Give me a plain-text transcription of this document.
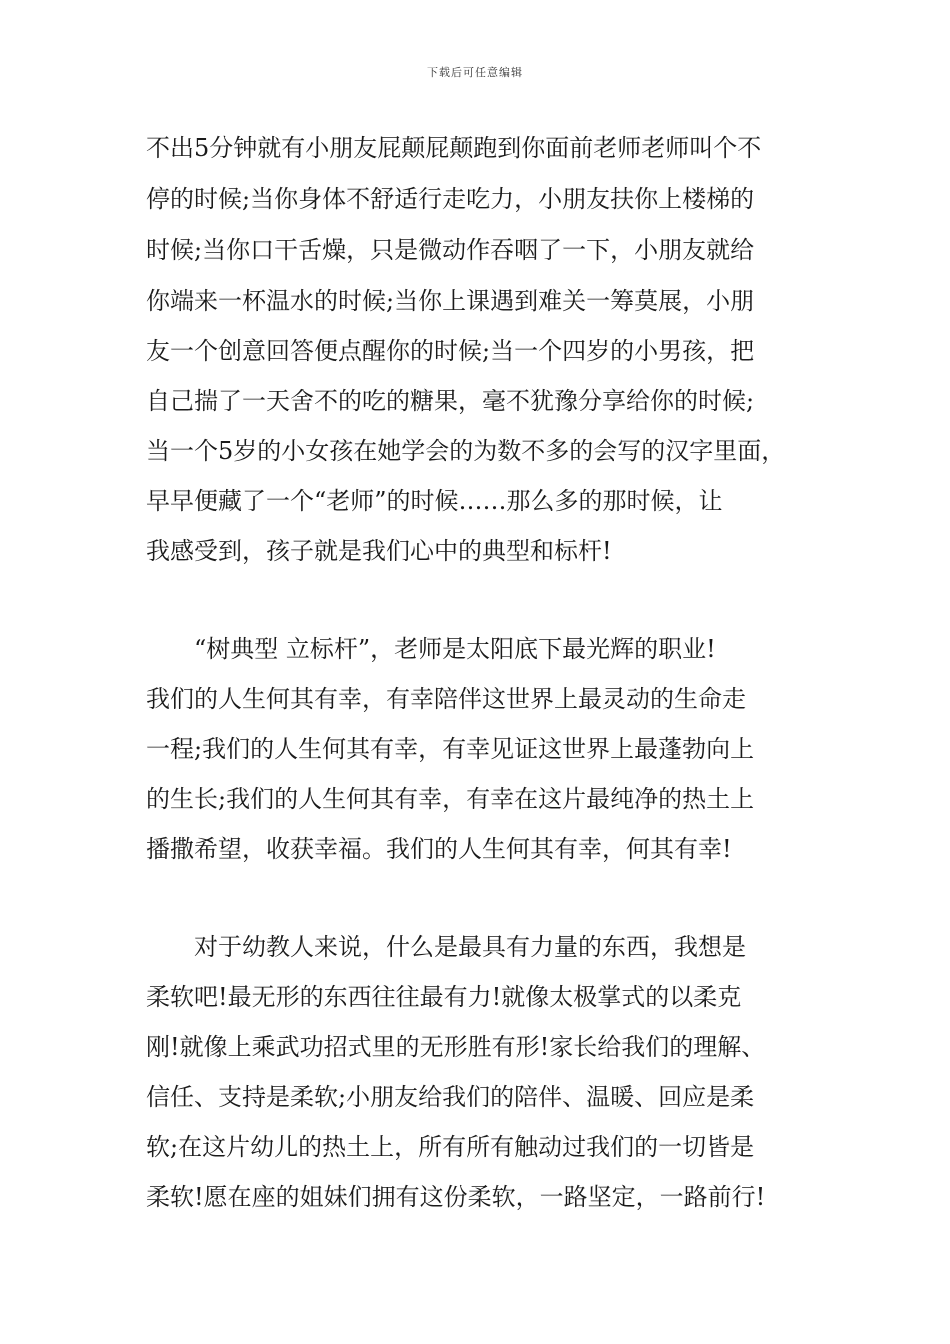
下载后可任意编辑
不出5分钟就有小朋友屁颠屁颠跑到你面前老师老师叫个不
停的时候;当你身体不舒适行走吃力，小朋友扶你上楼梯的
时候;当你口干舌燥，只是微动作吞咽了一下，小朋友就给
你端来一杯温水的时候;当你上课遇到难关一筹莫展，小朋
友一个创意回答便点醒你的时候;当一个四岁的小男孩，把
自己揣了一天舍不的吃的糖果，毫不犹豫分享给你的时候;
当一个5岁的小女孩在她学会的为数不多的会写的汉字里面，
早早便藏了一个“老师”的时候……那么多的那时候，让
我感受到，孩子就是我们心中的典型和标杆!
“树典型 立标杆”，老师是太阳底下最光辉的职业!
我们的人生何其有幸，有幸陪伴这世界上最灵动的生命走
一程;我们的人生何其有幸，有幸见证这世界上最蓬勃向上
的生长;我们的人生何其有幸，有幸在这片最纯净的热土上
播撒希望，收获幸福。我们的人生何其有幸，何其有幸!
对于幼教人来说，什么是最具有力量的东西，我想是
柔软吧!最无形的东西往往最有力!就像太极掌式的以柔克
刚!就像上乘武功招式里的无形胜有形!家长给我们的理解、
信任、支持是柔软;小朋友给我们的陪伴、温暖、回应是柔
软;在这片幼儿的热土上，所有所有触动过我们的一切皆是
柔软!愿在座的姐妹们拥有这份柔软，一路坚定，一路前行!
